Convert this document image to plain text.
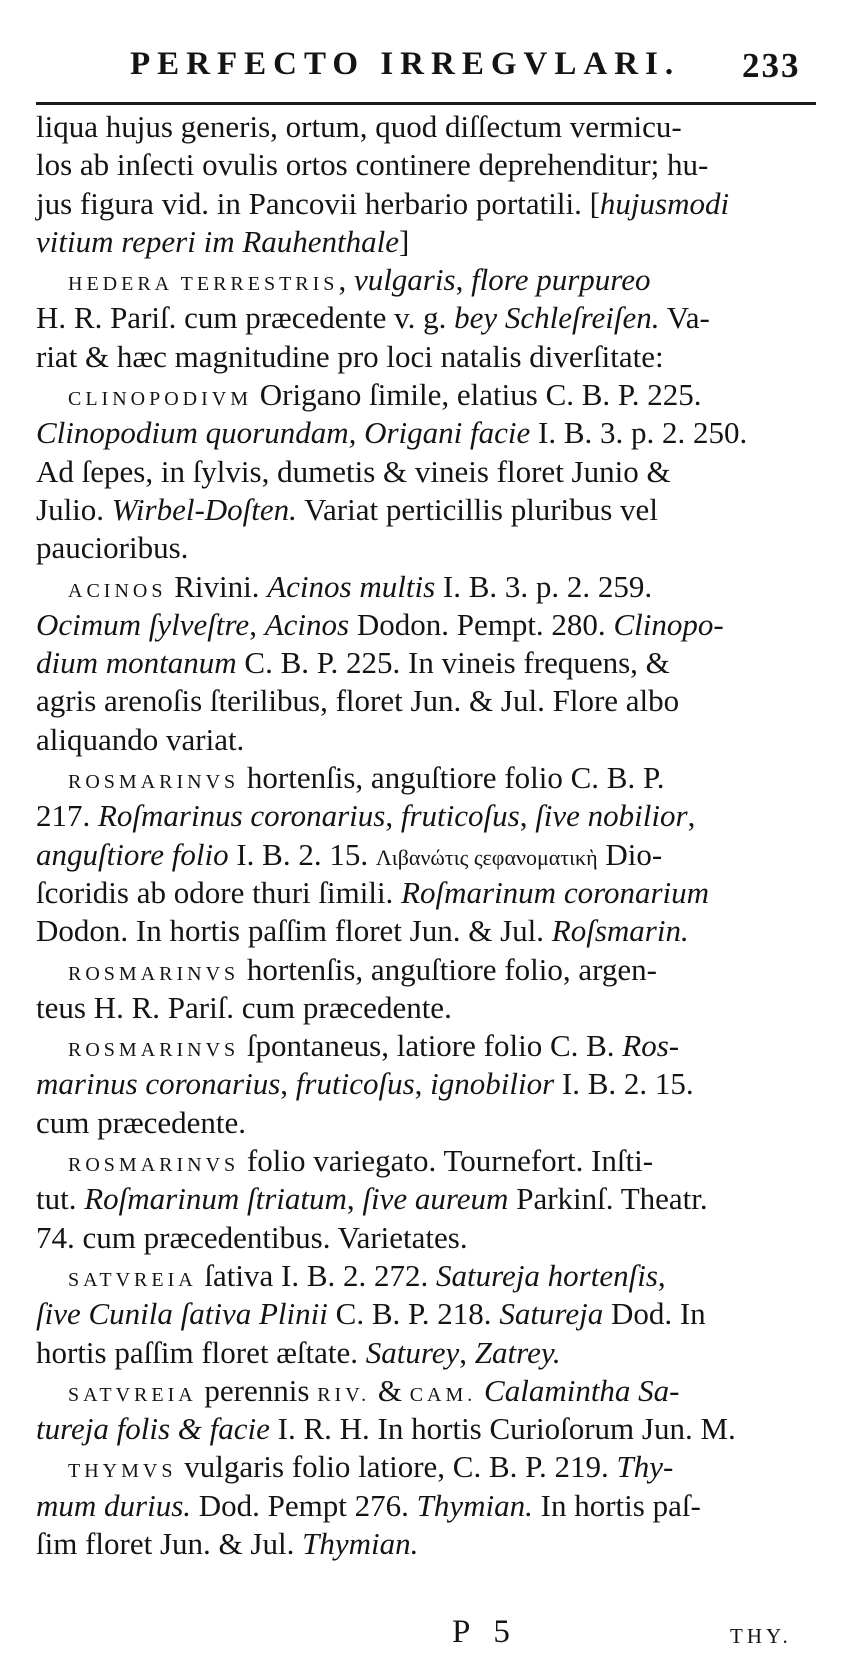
PERFECTO IRREGVLARI. 233
liqua hujus generis, ortum, quod diſſectum vermicu-
los ab inſecti ovulis ortos continere deprehenditur; hu-
jus figura vid. in Pancovii herbario portatili. [hujusmodi
vitium reperi im Rauhenthale]
HEDERA TERRESTRIS, vulgaris, flore purpureo
H. R. Pariſ. cum præcedente v. g. bey Schleſreiſen. Va-
riat & hæc magnitudine pro loci natalis diverſitate:
CLINOPODIVM Origano ſimile, elatius C. B. P. 225.
Clinopodium quorundam, Origani facie I. B. 3. p. 2. 250.
Ad ſepes, in ſylvis, dumetis & vineis floret Junio &
Julio. Wirbel-Doſten. Variat perticillis pluribus vel
paucioribus.
ACINOS Rivini. Acinos multis I. B. 3. p. 2. 259.
Ocimum ſylveſtre, Acinos Dodon. Pempt. 280. Clinopo-
dium montanum C. B. P. 225. In vineis frequens, &
agris arenoſis ſterilibus, floret Jun. & Jul. Flore albo
aliquando variat.
ROSMARINVS hortenſis, anguſtiore folio C. B. P.
217. Roſmarinus coronarius, fruticoſus, ſive nobilior,
anguſtiore folio I. B. 2. 15. Λιβανώτις ςεφανοματικὴ Dio-
ſcoridis ab odore thuri ſimili. Roſmarinum coronarium
Dodon. In hortis paſſim floret Jun. & Jul. Roſsmarin.
ROSMARINVS hortenſis, anguſtiore folio, argen-
teus H. R. Pariſ. cum præcedente.
ROSMARINVS ſpontaneus, latiore folio C. B. Ros-
marinus coronarius, fruticoſus, ignobilior I. B. 2. 15.
cum præcedente.
ROSMARINVS folio variegato. Tournefort. Inſti-
tut. Roſmarinum ſtriatum, ſive aureum Parkinſ. Theatr.
74. cum præcedentibus. Varietates.
SATVREIA ſativa I. B. 2. 272. Satureja hortenſis,
ſive Cunila ſativa Plinii C. B. P. 218. Satureja Dod. In
hortis paſſim floret æſtate. Saturey, Zatrey.
SATVREIA perennis RIV. & CAM. Calamintha Sa-
tureja folis & facie I. R. H. In hortis Curioſorum Jun. M.
THYMVS vulgaris folio latiore, C. B. P. 219. Thy-
mum durius. Dod. Pempt 276. Thymian. In hortis paſ-
ſim floret Jun. & Jul. Thymian.
P 5	THY.
